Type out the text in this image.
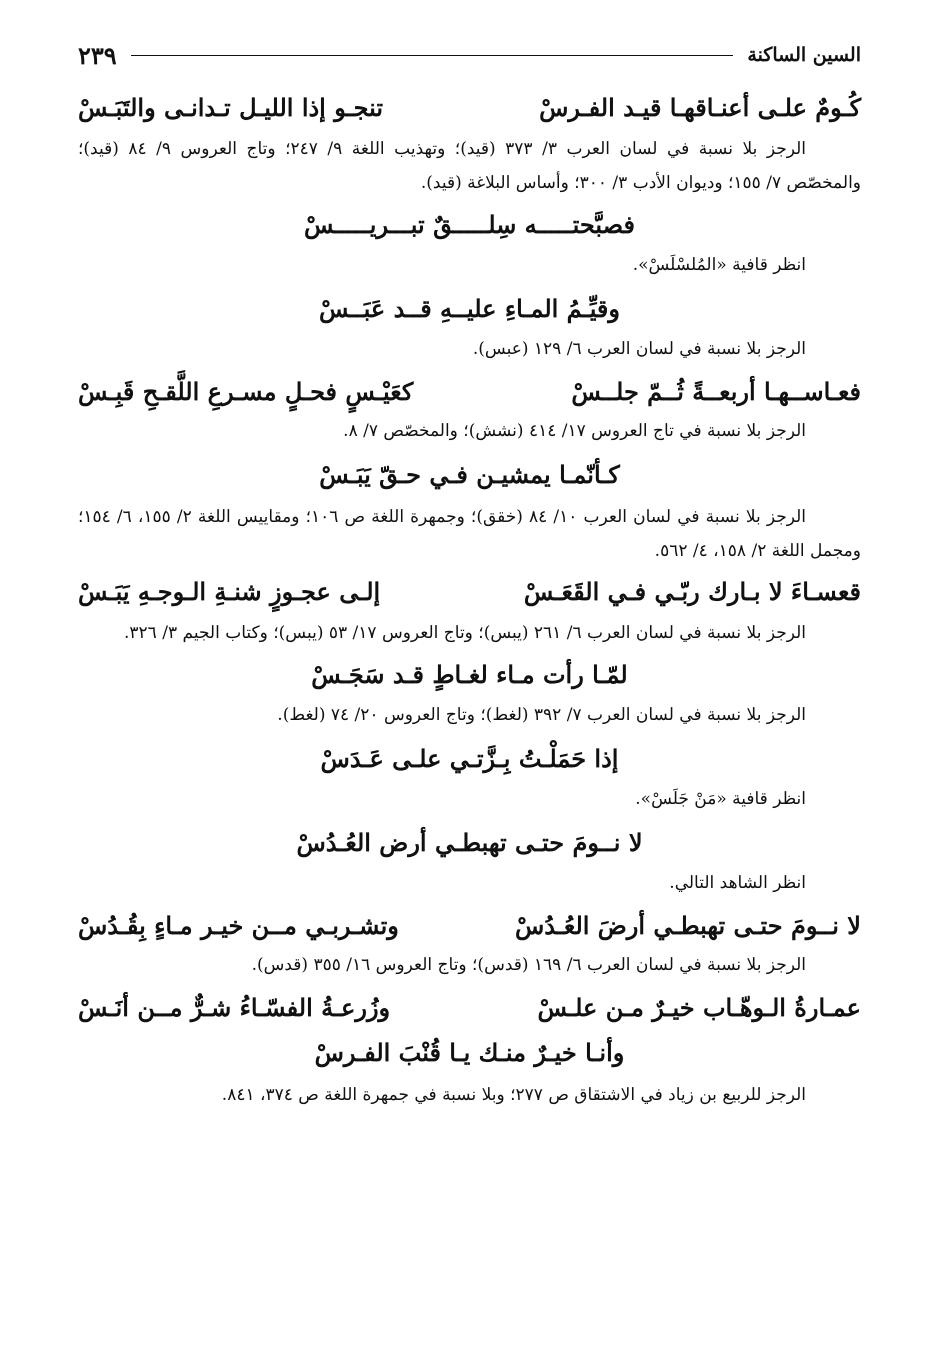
السين الساكنة
٢٣٩
كُـومٌ علـى أعنـاقهـا قيـد الفـرسْ
تنجـو إذا الليـل تـدانـى والتَبَـسْ
الرجز بلا نسبة في لسان العرب ٣/ ٣٧٣ (قيد)؛ وتهذيب اللغة ٩/ ٢٤٧؛ وتاج العروس ٩/ ٨٤ (قيد)؛ والمخصّص ٧/ ١٥٥؛ وديوان الأدب ٣/ ٣٠٠؛ وأساس البلاغة (قيد).
فصبَّحتـــــه سِلـــــقٌ تبـــريـــــسْ
انظر قافية «المُلسْلَسْ».
وقيِّـمُ المـاءِ عليــهِ قــد عَبَــسْ
الرجز بلا نسبة في لسان العرب ٦/ ١٢٩ (عبس).
فعـاســهـا أربعــةً ثُــمّ جلــسْ
كعَيْـسٍ فحـلٍ مسـرعِ اللَّقـحِ قَبِـسْ
الرجز بلا نسبة في تاج العروس ١٧/ ٤١٤ (نشش)؛ والمخصّص ٧/ ٨.
كـأنّمـا يمشيـن فـي حـقّ يَبَـسْ
الرجز بلا نسبة في لسان العرب ١٠/ ٨٤ (خقق)؛ وجمهرة اللغة ص ١٠٦؛ ومقاييس اللغة ٢/ ١٥٥، ٦/ ١٥٤؛ ومجمل اللغة ٢/ ١٥٨، ٤/ ٥٦٢.
قعسـاءَ لا بـارك ربّـي فـي القَعَـسْ
إلـى عجـوزٍ شنـةِ الـوجـهِ يَبَـسْ
الرجز بلا نسبة في لسان العرب ٦/ ٢٦١ (يبس)؛ وتاج العروس ١٧/ ٥٣ (يبس)؛ وكتاب الجيم ٣/ ٣٢٦.
لمّـا رأت مـاء لغـاطٍ قـد سَجَـسْ
الرجز بلا نسبة في لسان العرب ٧/ ٣٩٢ (لغط)؛ وتاج العروس ٢٠/ ٧٤ (لغط).
إذا حَمَلْـتُ بِـزَّتـي علـى عَـدَسْ
انظر قافية «مَنْ جَلَسْ».
لا نــومَ حتـى تهبطـي أرض العُـدُسْ
انظر الشاهد التالي.
لا نــومَ حتـى تهبطـي أرضَ العُـدُسْ
وتشـربـي مــن خيـر مـاءٍ بِقُـدُسْ
الرجز بلا نسبة في لسان العرب ٦/ ١٦٩ (قدس)؛ وتاج العروس ١٦/ ٣٥٥ (قدس).
عمـارةُ الـوهّـاب خيـرٌ مـن علـسْ
وزُرعـةُ الفسّـاءُ شـرٌّ مــن أنَـسْ
وأنـا خيـرٌ منـك يـا قُنْبَ الفـرسْ
الرجز للربيع بن زياد في الاشتقاق ص ٢٧٧؛ وبلا نسبة في جمهرة اللغة ص ٣٧٤، ٨٤١.
